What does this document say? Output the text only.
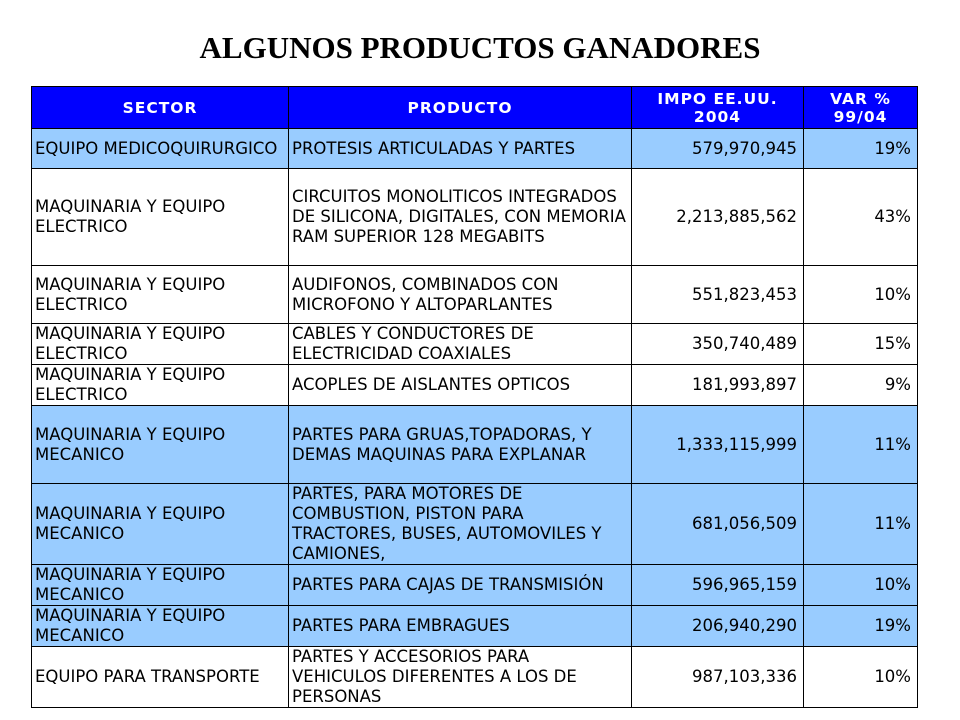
ALGUNOS PRODUCTOS GANADORES
SECTOR	PRODUCTO	IMPO EE.UU. 2004	VAR % 99/04
EQUIPO MEDICOQUIRURGICO	PROTESIS ARTICULADAS Y PARTES	579,970,945	19%
MAQUINARIA Y EQUIPO ELECTRICO	CIRCUITOS MONOLITICOS INTEGRADOS DE SILICONA, DIGITALES, CON MEMORIA RAM SUPERIOR 128 MEGABITS	2,213,885,562	43%
MAQUINARIA Y EQUIPO ELECTRICO	AUDIFONOS, COMBINADOS CON MICROFONO Y ALTOPARLANTES	551,823,453	10%
MAQUINARIA Y EQUIPO ELECTRICO	CABLES Y CONDUCTORES DE ELECTRICIDAD COAXIALES	350,740,489	15%
MAQUINARIA Y EQUIPO ELECTRICO	ACOPLES DE AISLANTES OPTICOS	181,993,897	9%
MAQUINARIA Y EQUIPO MECANICO	PARTES PARA GRUAS,TOPADORAS, Y DEMAS MAQUINAS PARA EXPLANAR	1,333,115,999	11%
MAQUINARIA Y EQUIPO MECANICO	PARTES, PARA MOTORES DE COMBUSTION, PISTON PARA TRACTORES, BUSES, AUTOMOVILES Y CAMIONES,	681,056,509	11%
MAQUINARIA Y EQUIPO MECANICO	PARTES PARA CAJAS DE TRANSMISIÓN	596,965,159	10%
MAQUINARIA Y EQUIPO MECANICO	PARTES PARA EMBRAGUES	206,940,290	19%
EQUIPO PARA TRANSPORTE	PARTES Y ACCESORIOS PARA VEHICULOS DIFERENTES A LOS DE PERSONAS	987,103,336	10%
